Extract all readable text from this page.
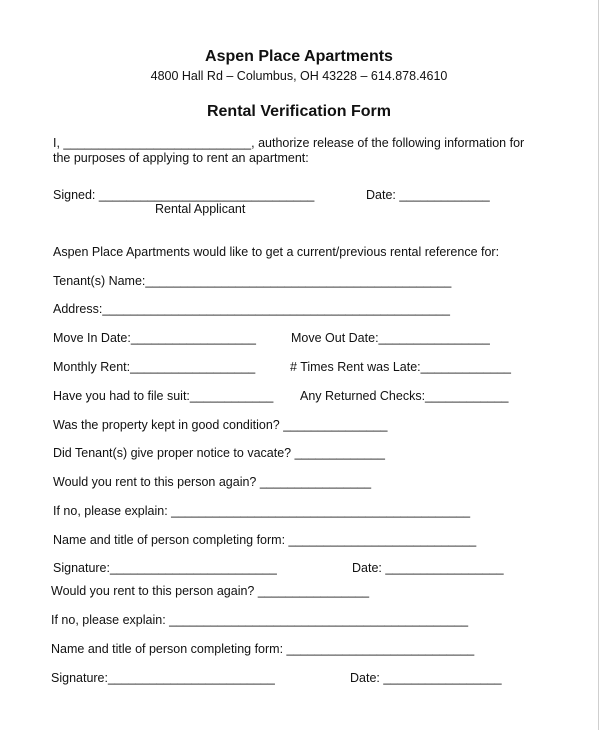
Aspen Place Apartments
4800 Hall Rd – Columbus, OH 43228 – 614.878.4610
Rental Verification Form
I, ___________________________, authorize release of the following information for
the purposes of applying to rent an apartment:
Signed: _______________________________	Date: _____________
Rental Applicant
Aspen Place Apartments would like to get a current/previous rental reference for:
Tenant(s) Name:____________________________________________
Address:__________________________________________________
Move In Date:__________________	Move Out Date:________________
Monthly Rent:__________________	# Times Rent was Late:_____________
Have you had to file suit:____________ Any Returned Checks:____________
Was the property kept in good condition? _______________
Did Tenant(s) give proper notice to vacate? _____________
Would you rent to this person again? ________________
If no, please explain: ___________________________________________
Name and title of person completing form: ___________________________
Signature:________________________	Date: _________________
Would you rent to this person again? ________________
If no, please explain: ___________________________________________
Name and title of person completing form: ___________________________
Signature:________________________	Date: _________________
